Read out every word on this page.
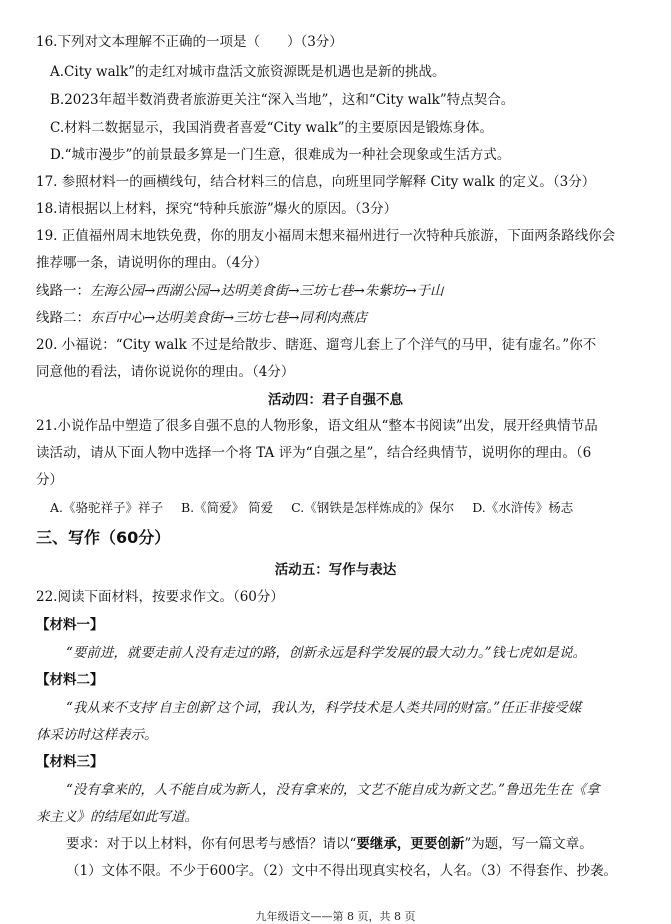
16.下列对文本理解不正确的一项是（　　）（3分）
A.City walk”的走红对城市盘活文旅资源既是机遇也是新的挑战。
B.2023年超半数消费者旅游更关注“深入当地”，这和“City walk”特点契合。
C.材料二数据显示，我国消费者喜爱“City walk”的主要原因是锻炼身体。
D.“城市漫步”的前景最多算是一门生意，很难成为一种社会现象或生活方式。
17. 参照材料一的画横线句，结合材料三的信息，向班里同学解释 City walk 的定义。（3分）
18.请根据以上材料，探究“特种兵旅游”爆火的原因。（3分）
19. 正值福州周末地铁免费，你的朋友小福周末想来福州进行一次特种兵旅游，下面两条路线你会
推荐哪一条，请说明你的理由。（4分）
线路一：左海公园→西湖公园→达明美食街→三坊七巷→朱紫坊→于山
线路二：东百中心→达明美食街→三坊七巷→同利肉燕店
20. 小福说：“City walk 不过是给散步、瞎逛、遛弯儿套上了个洋气的马甲，徒有虚名。”你不
同意他的看法，请你说说你的理由。（4分）
活动四：君子自强不息
21.小说作品中塑造了很多自强不息的人物形象，语文组从“整本书阅读”出发，展开经典情节品
读活动，请从下面人物中选择一个将 TA 评为“自强之星”，结合经典情节，说明你的理由。（6
分）
A.《骆驼祥子》祥子 B.《简爱》 简爱 C.《钢铁是怎样炼成的》保尔 D.《水浒传》杨志
三、写作（60分）
活动五：写作与表达
22.阅读下面材料，按要求作文。（60分）
【材料一】
“要前进，就要走前人没有走过的路，创新永远是科学发展的最大动力。”钱七虎如是说。
【材料二】
“我从来不支持‘自主创新’这个词，我认为，科学技术是人类共同的财富。”任正非接受媒
体采访时这样表示。
【材料三】
“没有拿来的，人不能自成为新人，没有拿来的，文艺不能自成为新文艺。”鲁迅先生在《拿
来主义》的结尾如此写道。
要求：对于以上材料，你有何思考与感悟？请以“要继承，更要创新”为题，写一篇文章。
（1）文体不限。不少于600字。（2）文中不得出现真实校名，人名。（3）不得套作、抄袭。
九年级语文——第 8 页，共 8 页
